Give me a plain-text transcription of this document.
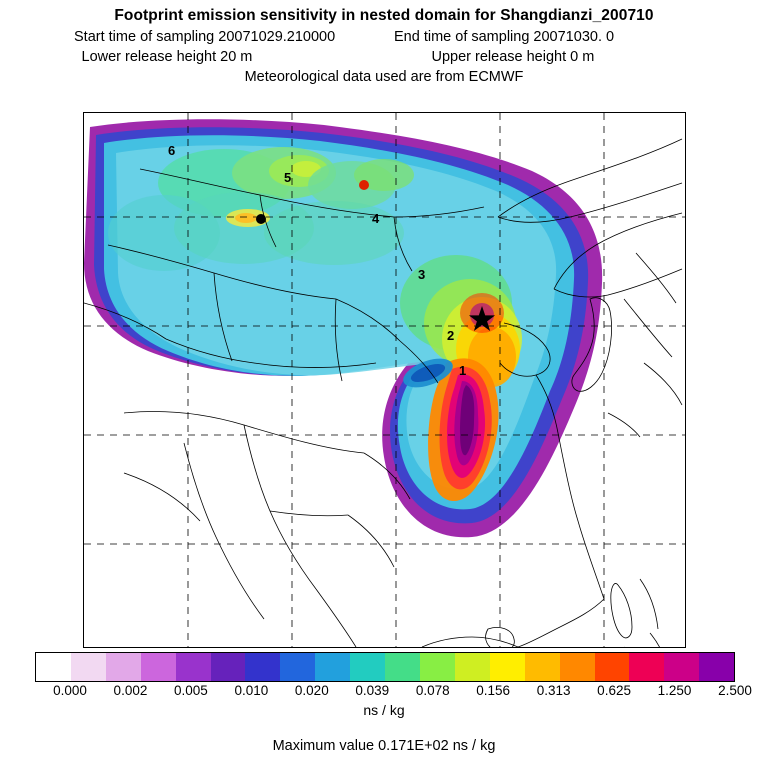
Footprint emission sensitivity in nested domain for Shangdianzi_200710
Start time of sampling 20071029.210000	End time of sampling 20071030. 0
Lower release height 20 m	Upper release height 0 m
Meteorological data used are from ECMWF
1
2
3
4
5
6
0.000 0.002 0.005 0.010 0.020 0.039 0.078 0.156 0.313 0.625 1.250 2.500
ns / kg
Maximum value 0.171E+02 ns / kg
